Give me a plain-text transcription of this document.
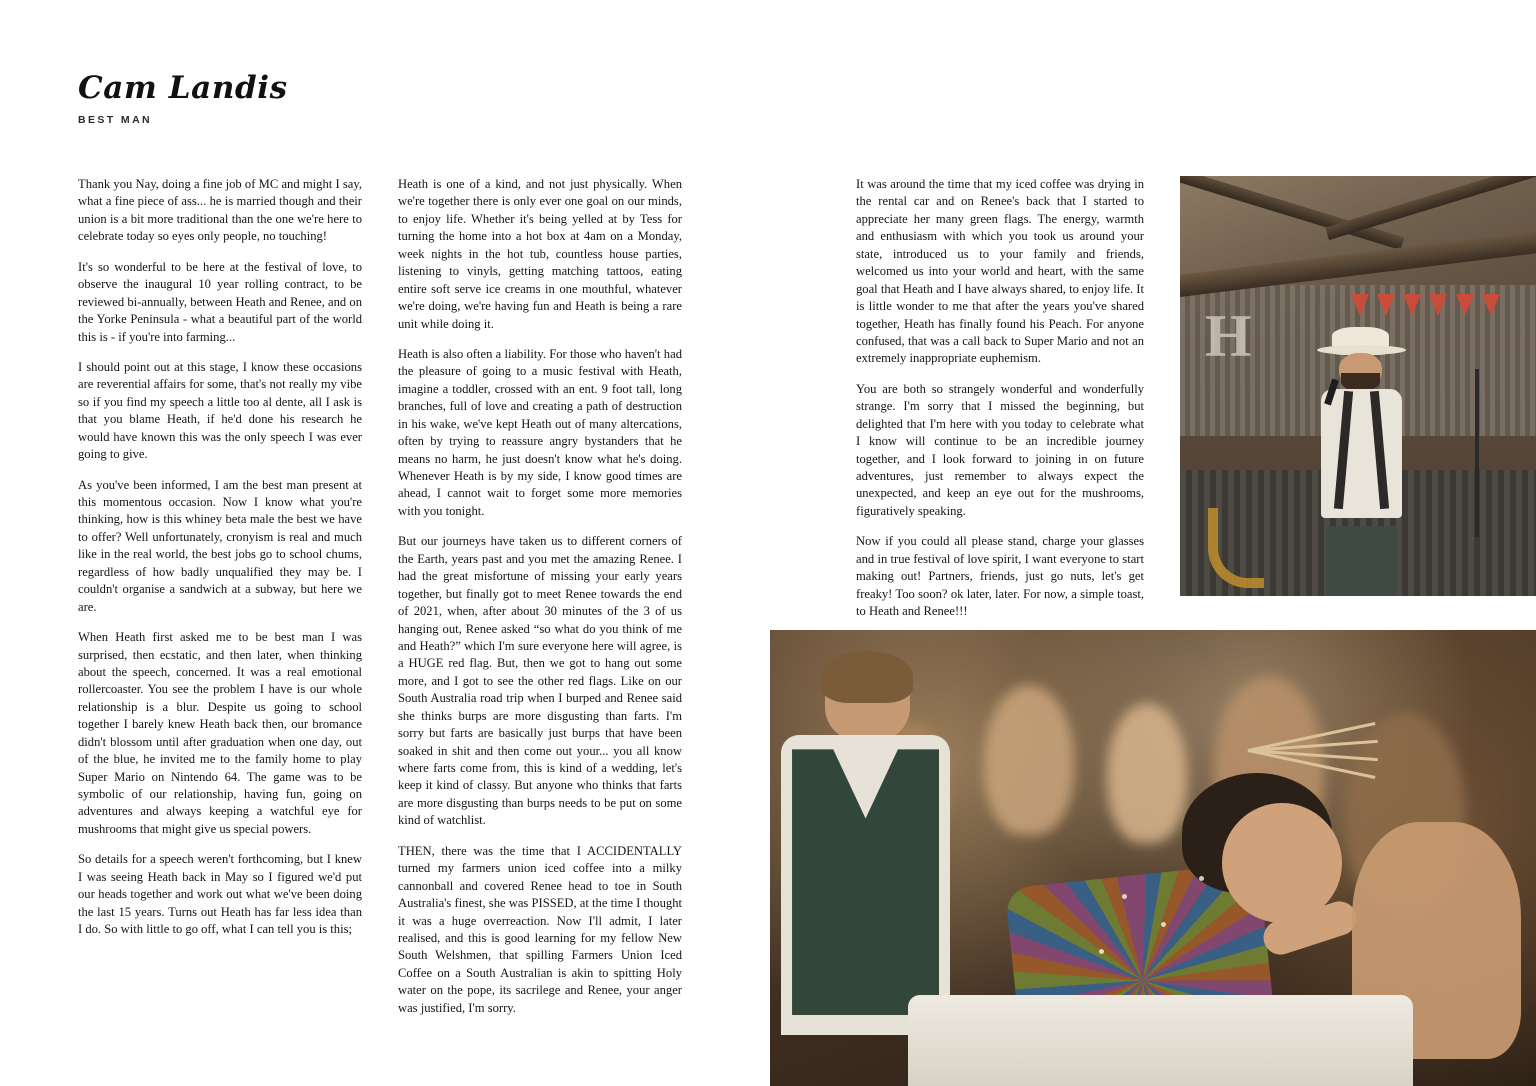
Cam Landis
BEST MAN

Thank you Nay, doing a fine job of MC and might I say, what a fine piece of ass... he is married though and their union is a bit more traditional than the one we're here to celebrate today so eyes only people, no touching!

It's so wonderful to be here at the festival of love, to observe the inaugural 10 year rolling contract, to be reviewed bi-annually, between Heath and Renee, and on the Yorke Peninsula - what a beautiful part of the world this is - if you're into farming...

I should point out at this stage, I know these occasions are reverential affairs for some, that's not really my vibe so if you find my speech a little too al dente, all I ask is that you blame Heath, if he'd done his research he would have known this was the only speech I was ever going to give.

As you've been informed, I am the best man present at this momentous occasion. Now I know what you're thinking, how is this whiney beta male the best we have to offer? Well unfortunately, cronyism is real and much like in the real world, the best jobs go to school chums, regardless of how badly unqualified they may be. I couldn't organise a sandwich at a subway, but here we are.

When Heath first asked me to be best man I was surprised, then ecstatic, and then later, when thinking about the speech, concerned. It was a real emotional rollercoaster. You see the problem I have is our whole relationship is a blur. Despite us going to school together I barely knew Heath back then, our bromance didn't blossom until after graduation when one day, out of the blue, he invited me to the family home to play Super Mario on Nintendo 64. The game was to be symbolic of our relationship, having fun, going on adventures and always keeping a watchful eye for mushrooms that might give us special powers.

So details for a speech weren't forthcoming, but I knew I was seeing Heath back in May so I figured we'd put our heads together and work out what we've been doing the last 15 years. Turns out Heath has far less idea than I do. So with little to go off, what I can tell you is this;

Heath is one of a kind, and not just physically. When we're together there is only ever one goal on our minds, to enjoy life. Whether it's being yelled at by Tess for turning the home into a hot box at 4am on a Monday, week nights in the hot tub, countless house parties, listening to vinyls, getting matching tattoos, eating entire soft serve ice creams in one mouthful, whatever we're doing, we're having fun and Heath is being a rare unit while doing it.

Heath is also often a liability. For those who haven't had the pleasure of going to a music festival with Heath, imagine a toddler, crossed with an ent. 9 foot tall, long branches, full of love and creating a path of destruction in his wake, we've kept Heath out of many altercations, often by trying to reassure angry bystanders that he means no harm, he just doesn't know what he's doing. Whenever Heath is by my side, I know good times are ahead, I cannot wait to forget some more memories with you tonight.

But our journeys have taken us to different corners of the Earth, years past and you met the amazing Renee. I had the great misfortune of missing your early years together, but finally got to meet Renee towards the end of 2021, when, after about 30 minutes of the 3 of us hanging out, Renee asked “so what do you think of me and Heath?” which I'm sure everyone here will agree, is a HUGE red flag. But, then we got to hang out some more, and I got to see the other red flags. Like on our South Australia road trip when I burped and Renee said she thinks burps are more disgusting than farts. I'm sorry but farts are basically just burps that have been soaked in shit and then come out your... you all know where farts come from, this is kind of a wedding, let's keep it kind of classy. But anyone who thinks that farts are more disgusting than burps needs to be put on some kind of watchlist.

THEN, there was the time that I ACCIDENTALLY turned my farmers union iced coffee into a milky cannonball and covered Renee head to toe in South Australia's finest, she was PISSED, at the time I thought it was a huge overreaction. Now I'll admit, I later realised, and this is good learning for my fellow New South Welshmen, that spilling Farmers Union Iced Coffee on a South Australian is akin to spitting Holy water on the pope, its sacrilege and Renee, your anger was justified, I'm sorry.

It was around the time that my iced coffee was drying in the rental car and on Renee's back that I started to appreciate her many green flags. The energy, warmth and enthusiasm with which you took us around your state, introduced us to your family and friends, welcomed us into your world and heart, with the same goal that Heath and I have always shared, to enjoy life. It is little wonder to me that after the years you've shared together, Heath has finally found his Peach. For anyone confused, that was a call back to Super Mario and not an extremely inappropriate euphemism.

You are both so strangely wonderful and wonderfully strange. I'm sorry that I missed the beginning, but delighted that I'm here with you today to celebrate what I know will continue to be an incredible journey together, and I look forward to joining in on future adventures, just remember to always expect the unexpected, and keep an eye out for the mushrooms, figuratively speaking.

Now if you could all please stand, charge your glasses and in true festival of love spirit, I want everyone to start making out! Partners, friends, just go nuts, let's get freaky! Too soon? ok later, later. For now, a simple toast, to Heath and Renee!!!

H
